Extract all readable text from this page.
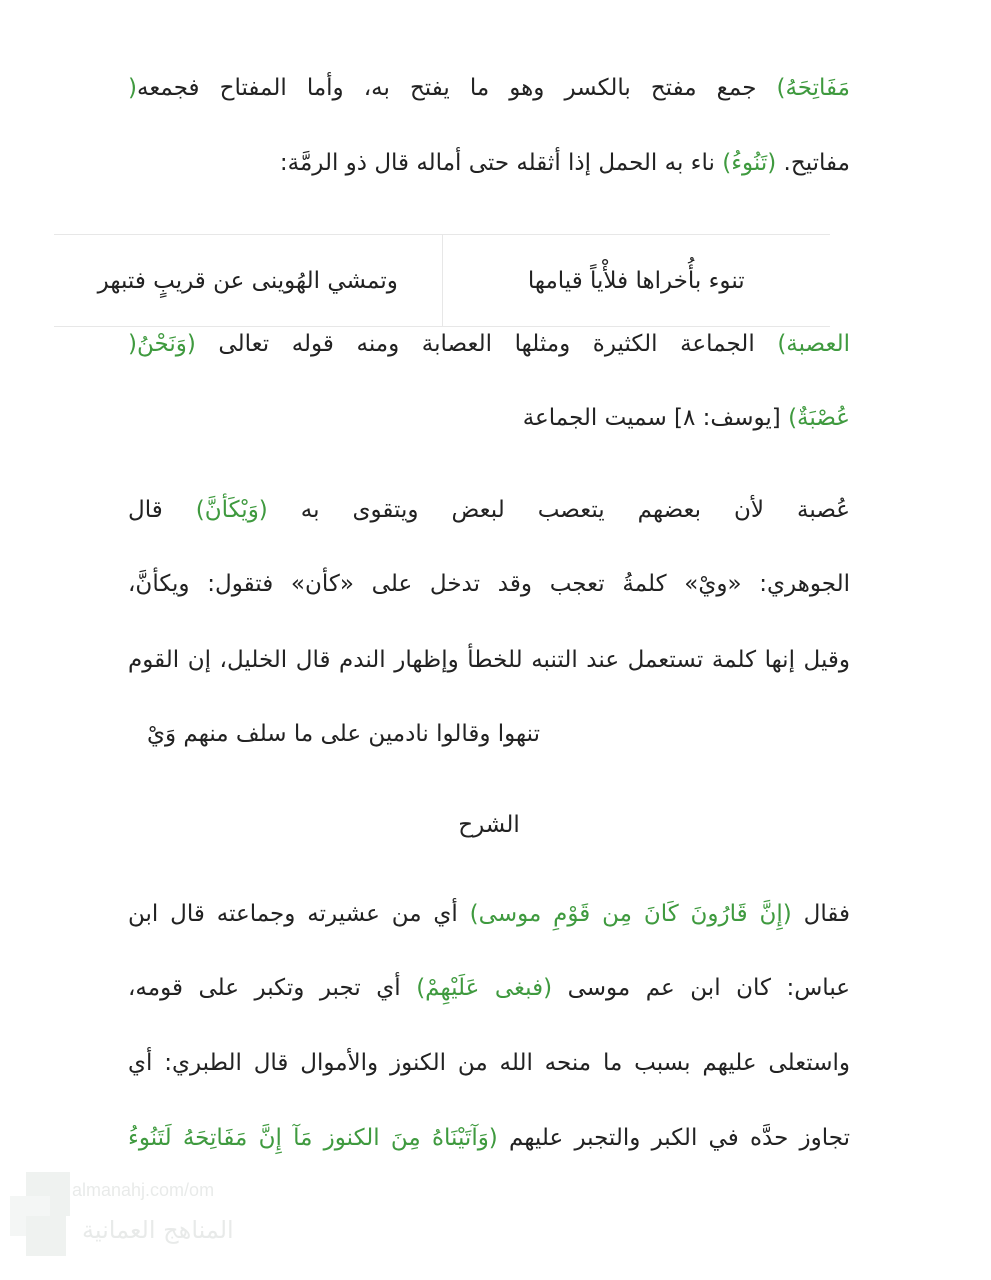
مَفَاتِحَهُ) جمع مفتح بالكسر وهو ما يفتح به، وأما المفتاح فجمعه(
مفاتيح. (تَنُوءُ) ناء به الحمل إذا أثقله حتى أماله قال ذو الرمَّة:
تنوء بأُخراها فلأْياً قيامها
وتمشي الهُوينى عن قريبٍ فتبهر
العصبة) الجماعة الكثيرة ومثلها العصابة ومنه قوله تعالى (وَنَحْنُ(
عُصْبَةٌ) [يوسف: ٨] سميت الجماعة
عُصبة لأن بعضهم يتعصب لبعض ويتقوى به (وَيْكَأَنَّ) قال
الجوهري: «ويْ» كلمةُ تعجب وقد تدخل على «كأن» فتقول: ويكأنَّ،
وقيل إنها كلمة تستعمل عند التنبه للخطأ وإظهار الندم قال الخليل، إن القوم
تنهوا وقالوا نادمين على ما سلف منهم وَيْ
الشرح
فقال (إِنَّ قَارُونَ كَانَ مِن قَوْمِ موسى) أي من عشيرته وجماعته قال ابن
عباس: كان ابن عم موسى (فبغى عَلَيْهِمْ) أي تجبر وتكبر على قومه،
واستعلى عليهم بسبب ما منحه الله من الكنوز والأموال قال الطبري: أي
تجاوز حدَّه في الكبر والتجبر عليهم (وَآتَيْنَاهُ مِنَ الكنوز مَآ إِنَّ مَفَاتِحَهُ لَتَنُوءُ
almanahj.com/om
المناهج العمانية
